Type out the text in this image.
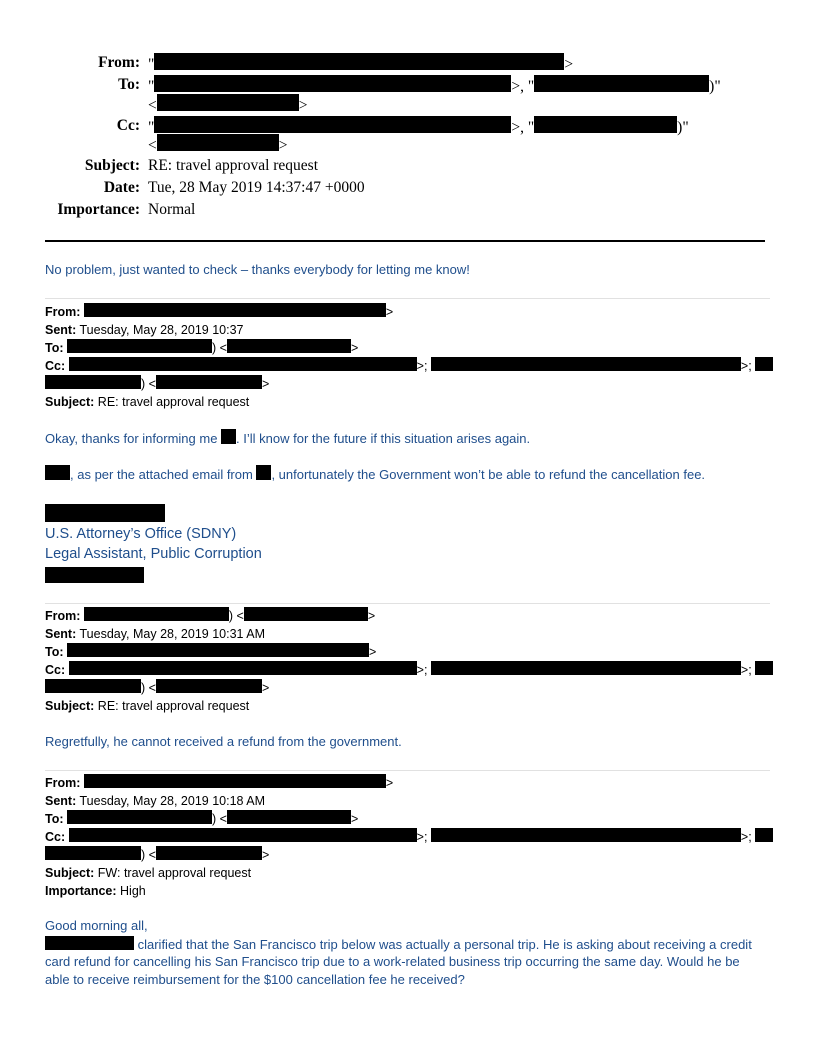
From: "	>
To: "	>, "	)"
<	>
Cc: "	>, "	)"
<	>
Subject: RE: travel approval request
Date: Tue, 28 May 2019 14:37:47 +0000
Importance: Normal
No problem, just wanted to check – thanks everybody for letting me know!
From:	>
Sent: Tuesday, May 28, 2019 10:37
To:	) <	>
Cc:	>;	>;
) <	>
Subject: RE: travel approval request
Okay, thanks for informing me . I’ll know for the future if this situation arises again.
, as per the attached email from , unfortunately the Government won’t be able to refund the cancellation fee.
U.S. Attorney’s Office (SDNY)
Legal Assistant, Public Corruption
From:	) <	>
Sent: Tuesday, May 28, 2019 10:31 AM
To:	>
Cc:	>;	>;
) <	>
Subject: RE: travel approval request
Regretfully, he cannot received a refund from the government.
From:	>
Sent: Tuesday, May 28, 2019 10:18 AM
To:	) <	>
Cc:	>;	>;
) <	>
Subject: FW: travel approval request
Importance: High
Good morning all,
clarified that the San Francisco trip below was actually a personal trip. He is asking about receiving a credit
card refund for cancelling his San Francisco trip due to a work-related business trip occurring the same day. Would he be
able to receive reimbursement for the $100 cancellation fee he received?
